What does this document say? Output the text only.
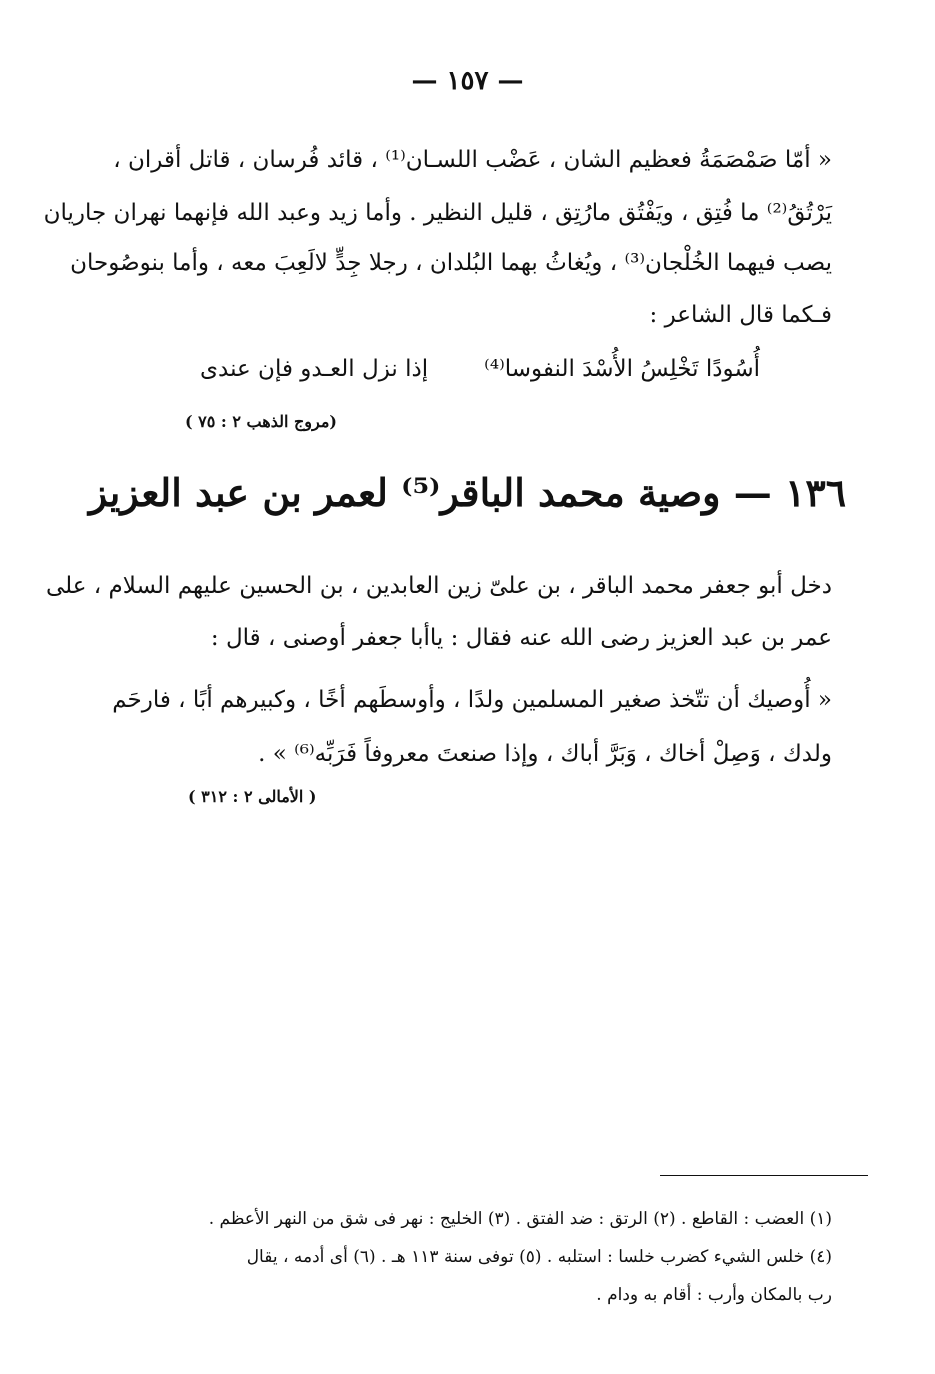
— ١٥٧ —
« أمّا صَمْصَمَةُ فعظيم الشان ، عَضْب اللسـان⁽¹⁾ ، قائد فُرسان ، قاتل أقران ،
يَرْتُقُ⁽²⁾ ما فُتِق ، ويَفْتُق مارُتِق ، قليل النظير . وأما زيد وعبد الله فإنهما نهران جاريان
يصب فيهما الخُلْجان⁽³⁾ ، ويُغاثُ بهما البُلدان ، رجلا جِدٍّ لالَعِبَ معه ، وأما بنوصُوحان
فـكما قال الشاعر :
إذا نزل العـدو فإن عندى أُسُودًا تَخْلِسُ الأُسْدَ النفوسا⁽⁴⁾
(مروج الذهب ٢ : ٧٥ )
١٣٦ — وصية محمد الباقر⁽⁵⁾ لعمر بن عبد العزيز
دخل أبو جعفر محمد الباقر ، بن علىّ زين العابدين ، بن الحسين عليهم السلام ، على
عمر بن عبد العزيز رضى الله عنه فقال : ياأبا جعفر أوصنى ، قال :
« أُوصيك أن تتّخذ صغير المسلمين ولدًا ، وأوسطَهم أخًا ، وكبيرهم أبًا ، فارحَم
ولدك ، وَصِلْ أخاك ، وَبَرَّ أباك ، وإذا صنعتَ معروفاً فَرَبِّه⁽⁶⁾ » .
( الأمالى ٢ : ٣١٢ )
(١) العضب : القاطع . (٢) الرتق : ضد الفتق . (٣) الخليج : نهر فى شق من النهر الأعظم .
(٤) خلس الشيء كضرب خلسا : استلبه . (٥) توفى سنة ١١٣ هـ . (٦) أى أدمه ، يقال
رب بالمكان وأرب : أقام به ودام .
